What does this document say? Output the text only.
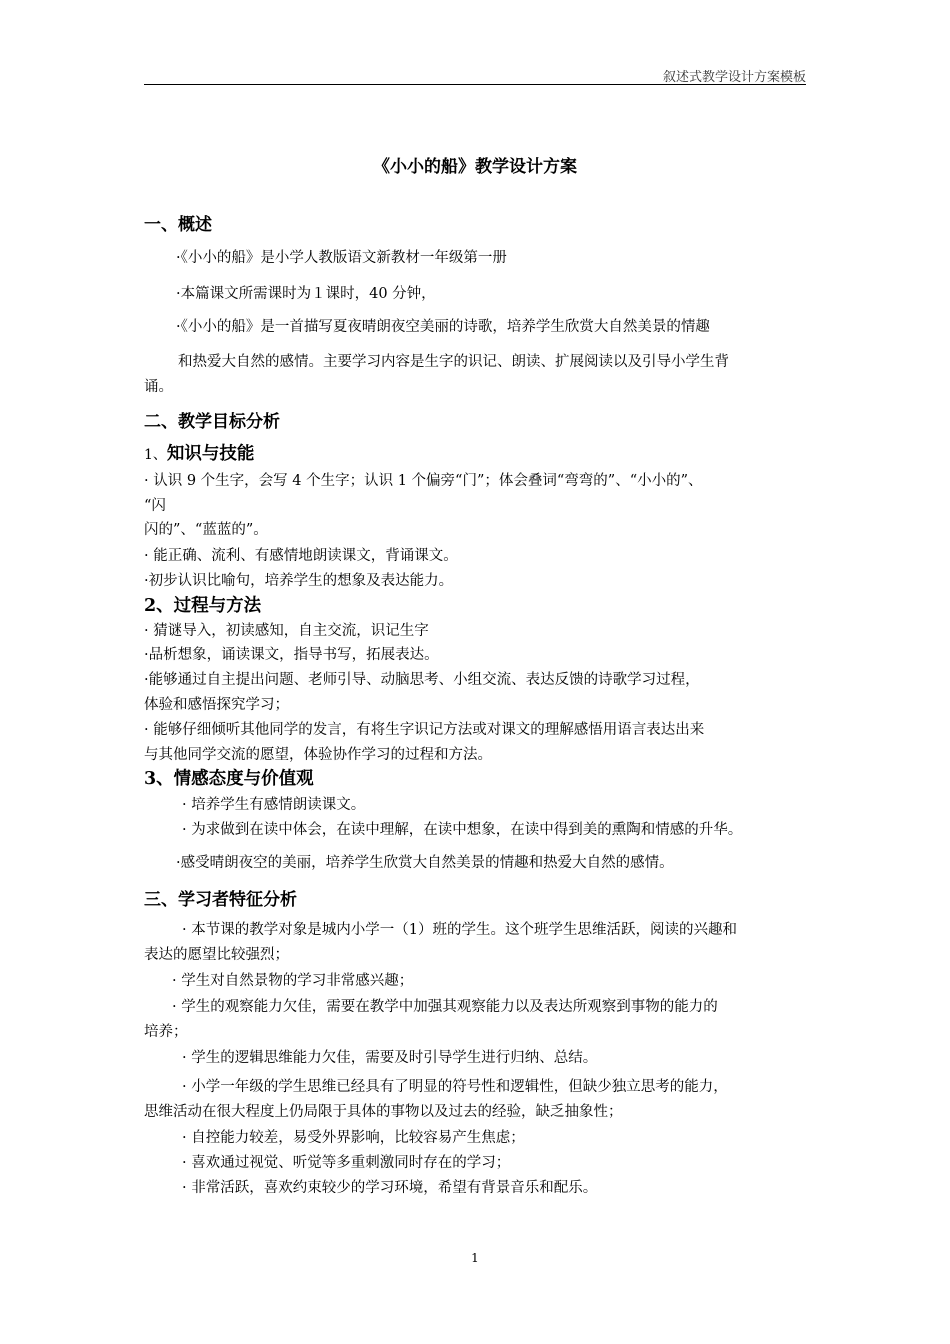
叙述式教学设计方案模板
《小小的船》教学设计方案
一、概述
·《小小的船》是小学人教版语文新教材一年级第一册
·本篇课文所需课时为１课时，40 分钟，
·《小小的船》是一首描写夏夜晴朗夜空美丽的诗歌，培养学生欣赏大自然美景的情趣
和热爱大自然的感情。主要学习内容是生字的识记、朗读、扩展阅读以及引导小学生背
诵。
二、教学目标分析
1、知识与技能
· 认识 9 个生字，会写 4 个生字；认识 1 个偏旁“门”；体会叠词“弯弯的”、“小小的”、
“闪
闪的”、“蓝蓝的”。
· 能正确、流利、有感情地朗读课文，背诵课文。
·初步认识比喻句，培养学生的想象及表达能力。
2、过程与方法
· 猜谜导入，初读感知，自主交流，识记生字
·品析想象，诵读课文，指导书写，拓展表达。
·能够通过自主提出问题、老师引导、动脑思考、小组交流、表达反馈的诗歌学习过程，
体验和感悟探究学习；
· 能够仔细倾听其他同学的发言，有将生字识记方法或对课文的理解感悟用语言表达出来
与其他同学交流的愿望，体验协作学习的过程和方法。
3、情感态度与价值观
· 培养学生有感情朗读课文。
· 为求做到在读中体会，在读中理解，在读中想象，在读中得到美的熏陶和情感的升华。
·感受晴朗夜空的美丽，培养学生欣赏大自然美景的情趣和热爱大自然的感情。
三、学习者特征分析
· 本节课的教学对象是城内小学一（1）班的学生。这个班学生思维活跃，阅读的兴趣和
表达的愿望比较强烈；
· 学生对自然景物的学习非常感兴趣；
· 学生的观察能力欠佳，需要在教学中加强其观察能力以及表达所观察到事物的能力的
培养；
· 学生的逻辑思维能力欠佳，需要及时引导学生进行归纳、总结。
· 小学一年级的学生思维已经具有了明显的符号性和逻辑性，但缺少独立思考的能力，
思维活动在很大程度上仍局限于具体的事物以及过去的经验，缺乏抽象性；
· 自控能力较差，易受外界影响，比较容易产生焦虑；
· 喜欢通过视觉、听觉等多重刺激同时存在的学习；
· 非常活跃，喜欢约束较少的学习环境，希望有背景音乐和配乐。
1
